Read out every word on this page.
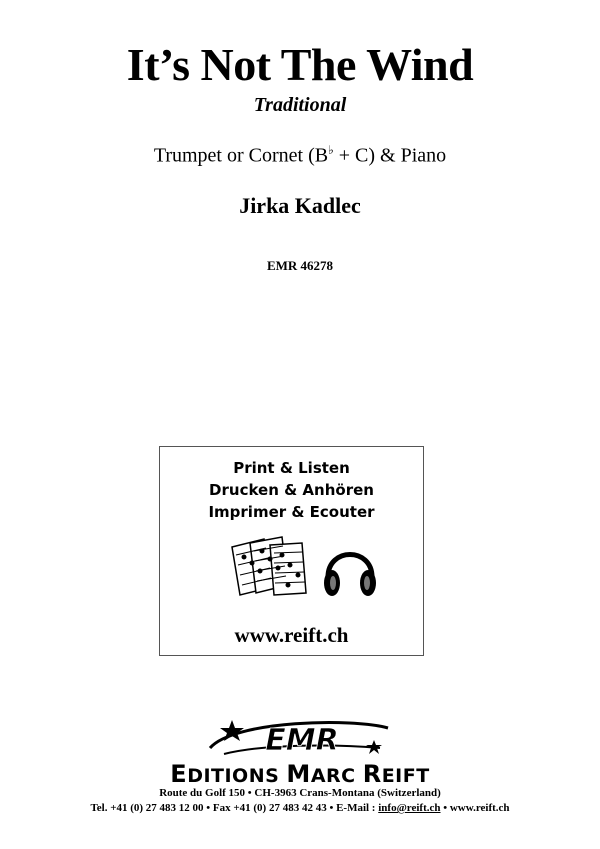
It’s Not The Wind
Traditional
Trumpet or Cornet (B♭ + C) & Piano
Jirka Kadlec
EMR 46278
Print & Listen
Drucken & Anhören
Imprimer & Ecouter
www.reift.ch
EMR
EDITIONS MARC REIFT
Route du Golf 150 • CH-3963 Crans-Montana (Switzerland)
Tel. +41 (0) 27 483 12 00 • Fax +41 (0) 27 483 42 43 • E-Mail : info@reift.ch • www.reift.ch
